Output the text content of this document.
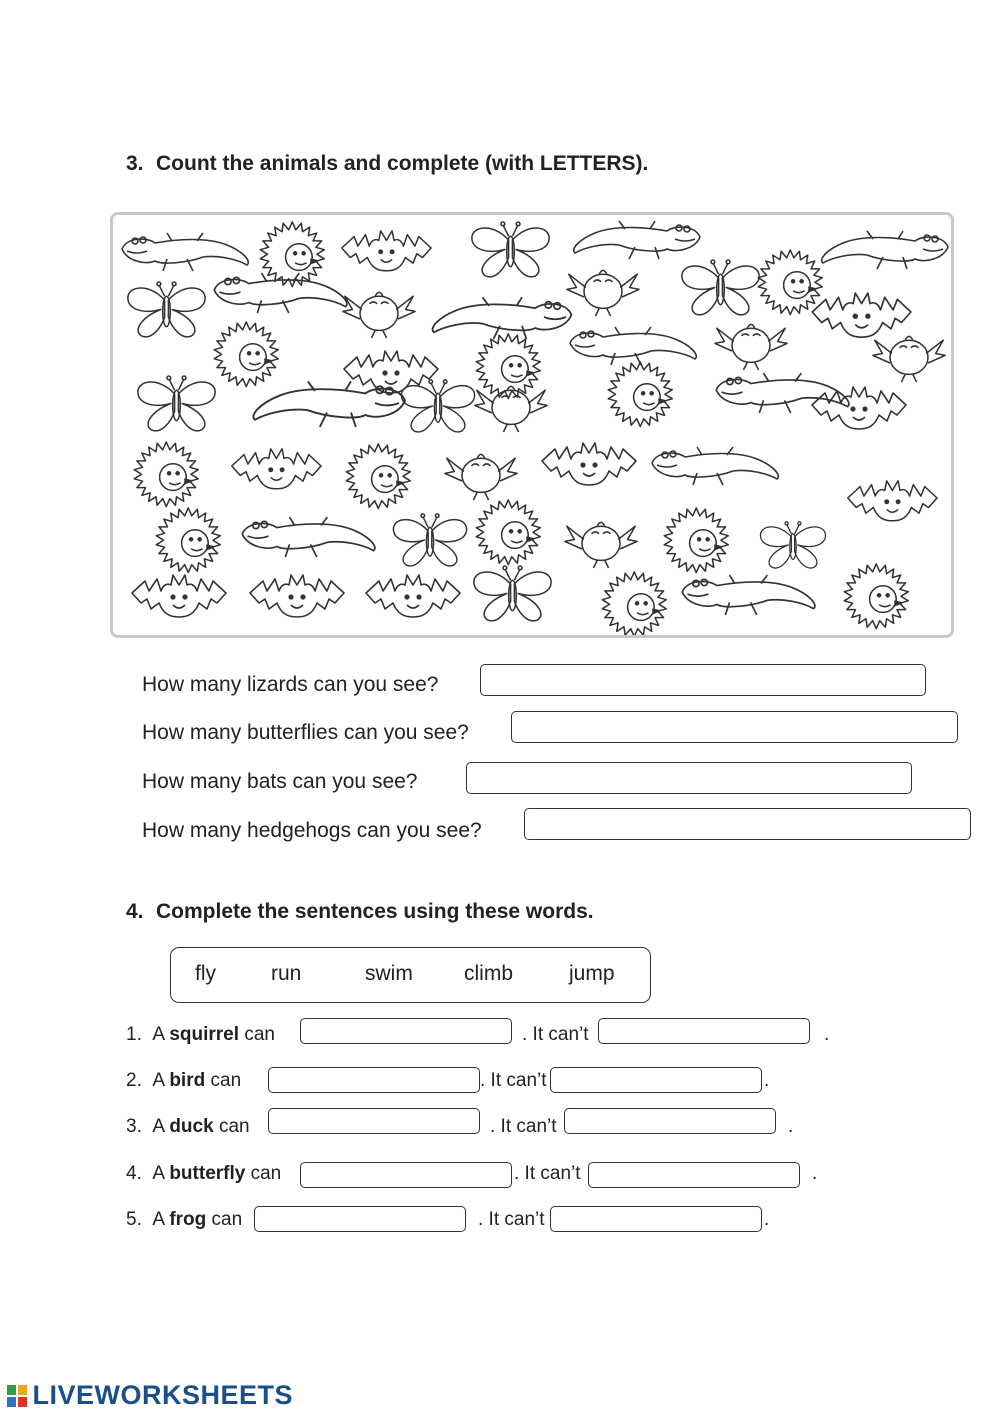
3. Count the animals and complete (with LETTERS).
How many lizards can you see?
How many butterflies can you see?
How many bats can you see?
How many hedgehogs can you see?
4. Complete the sentences using these words.
fly	run	swim climb	jump
1. A squirrel can	. It can’t	.
2. A bird can	. It can’t	.
3. A duck can	. It can’t	.
4. A butterfly can	. It can’t	.
5. A frog can	. It can’t	.
LIVEWORKSHEETS
